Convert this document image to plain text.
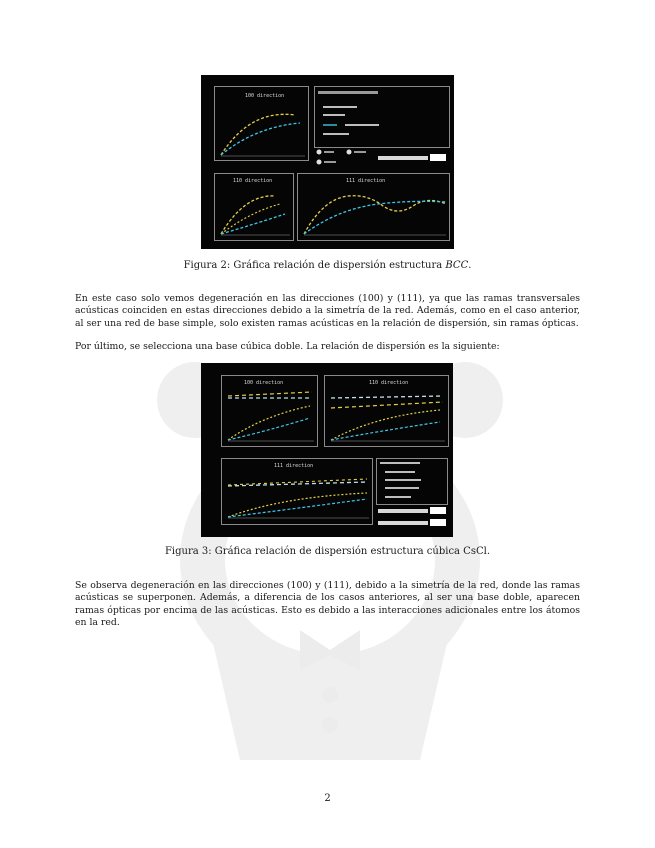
100 direction
110 direction	111 direction
Figura 2: Gráfica relación de dispersión estructura BCC.

En este caso solo vemos degeneración en las direcciones (100) y (111), ya que las ramas transversales acústicas coinciden en estas direcciones debido a la simetría de la red. Además, como en el caso anterior, al ser una red de base simple, solo existen ramas acústicas en la relación de dispersión, sin ramas ópticas.

Por último, se selecciona una base cúbica doble. La relación de dispersión es la siguiente:

100 direction	110 direction
111 direction
Figura 3: Gráfica relación de dispersión estructura cúbica CsCl.

Se observa degeneración en las direcciones (100) y (111), debido a la simetría de la red, donde las ramas acústicas se superponen. Además, a diferencia de los casos anteriores, al ser una base doble, aparecen ramas ópticas por encima de las acústicas. Esto es debido a las interacciones adicionales entre los átomos en la red.

2
